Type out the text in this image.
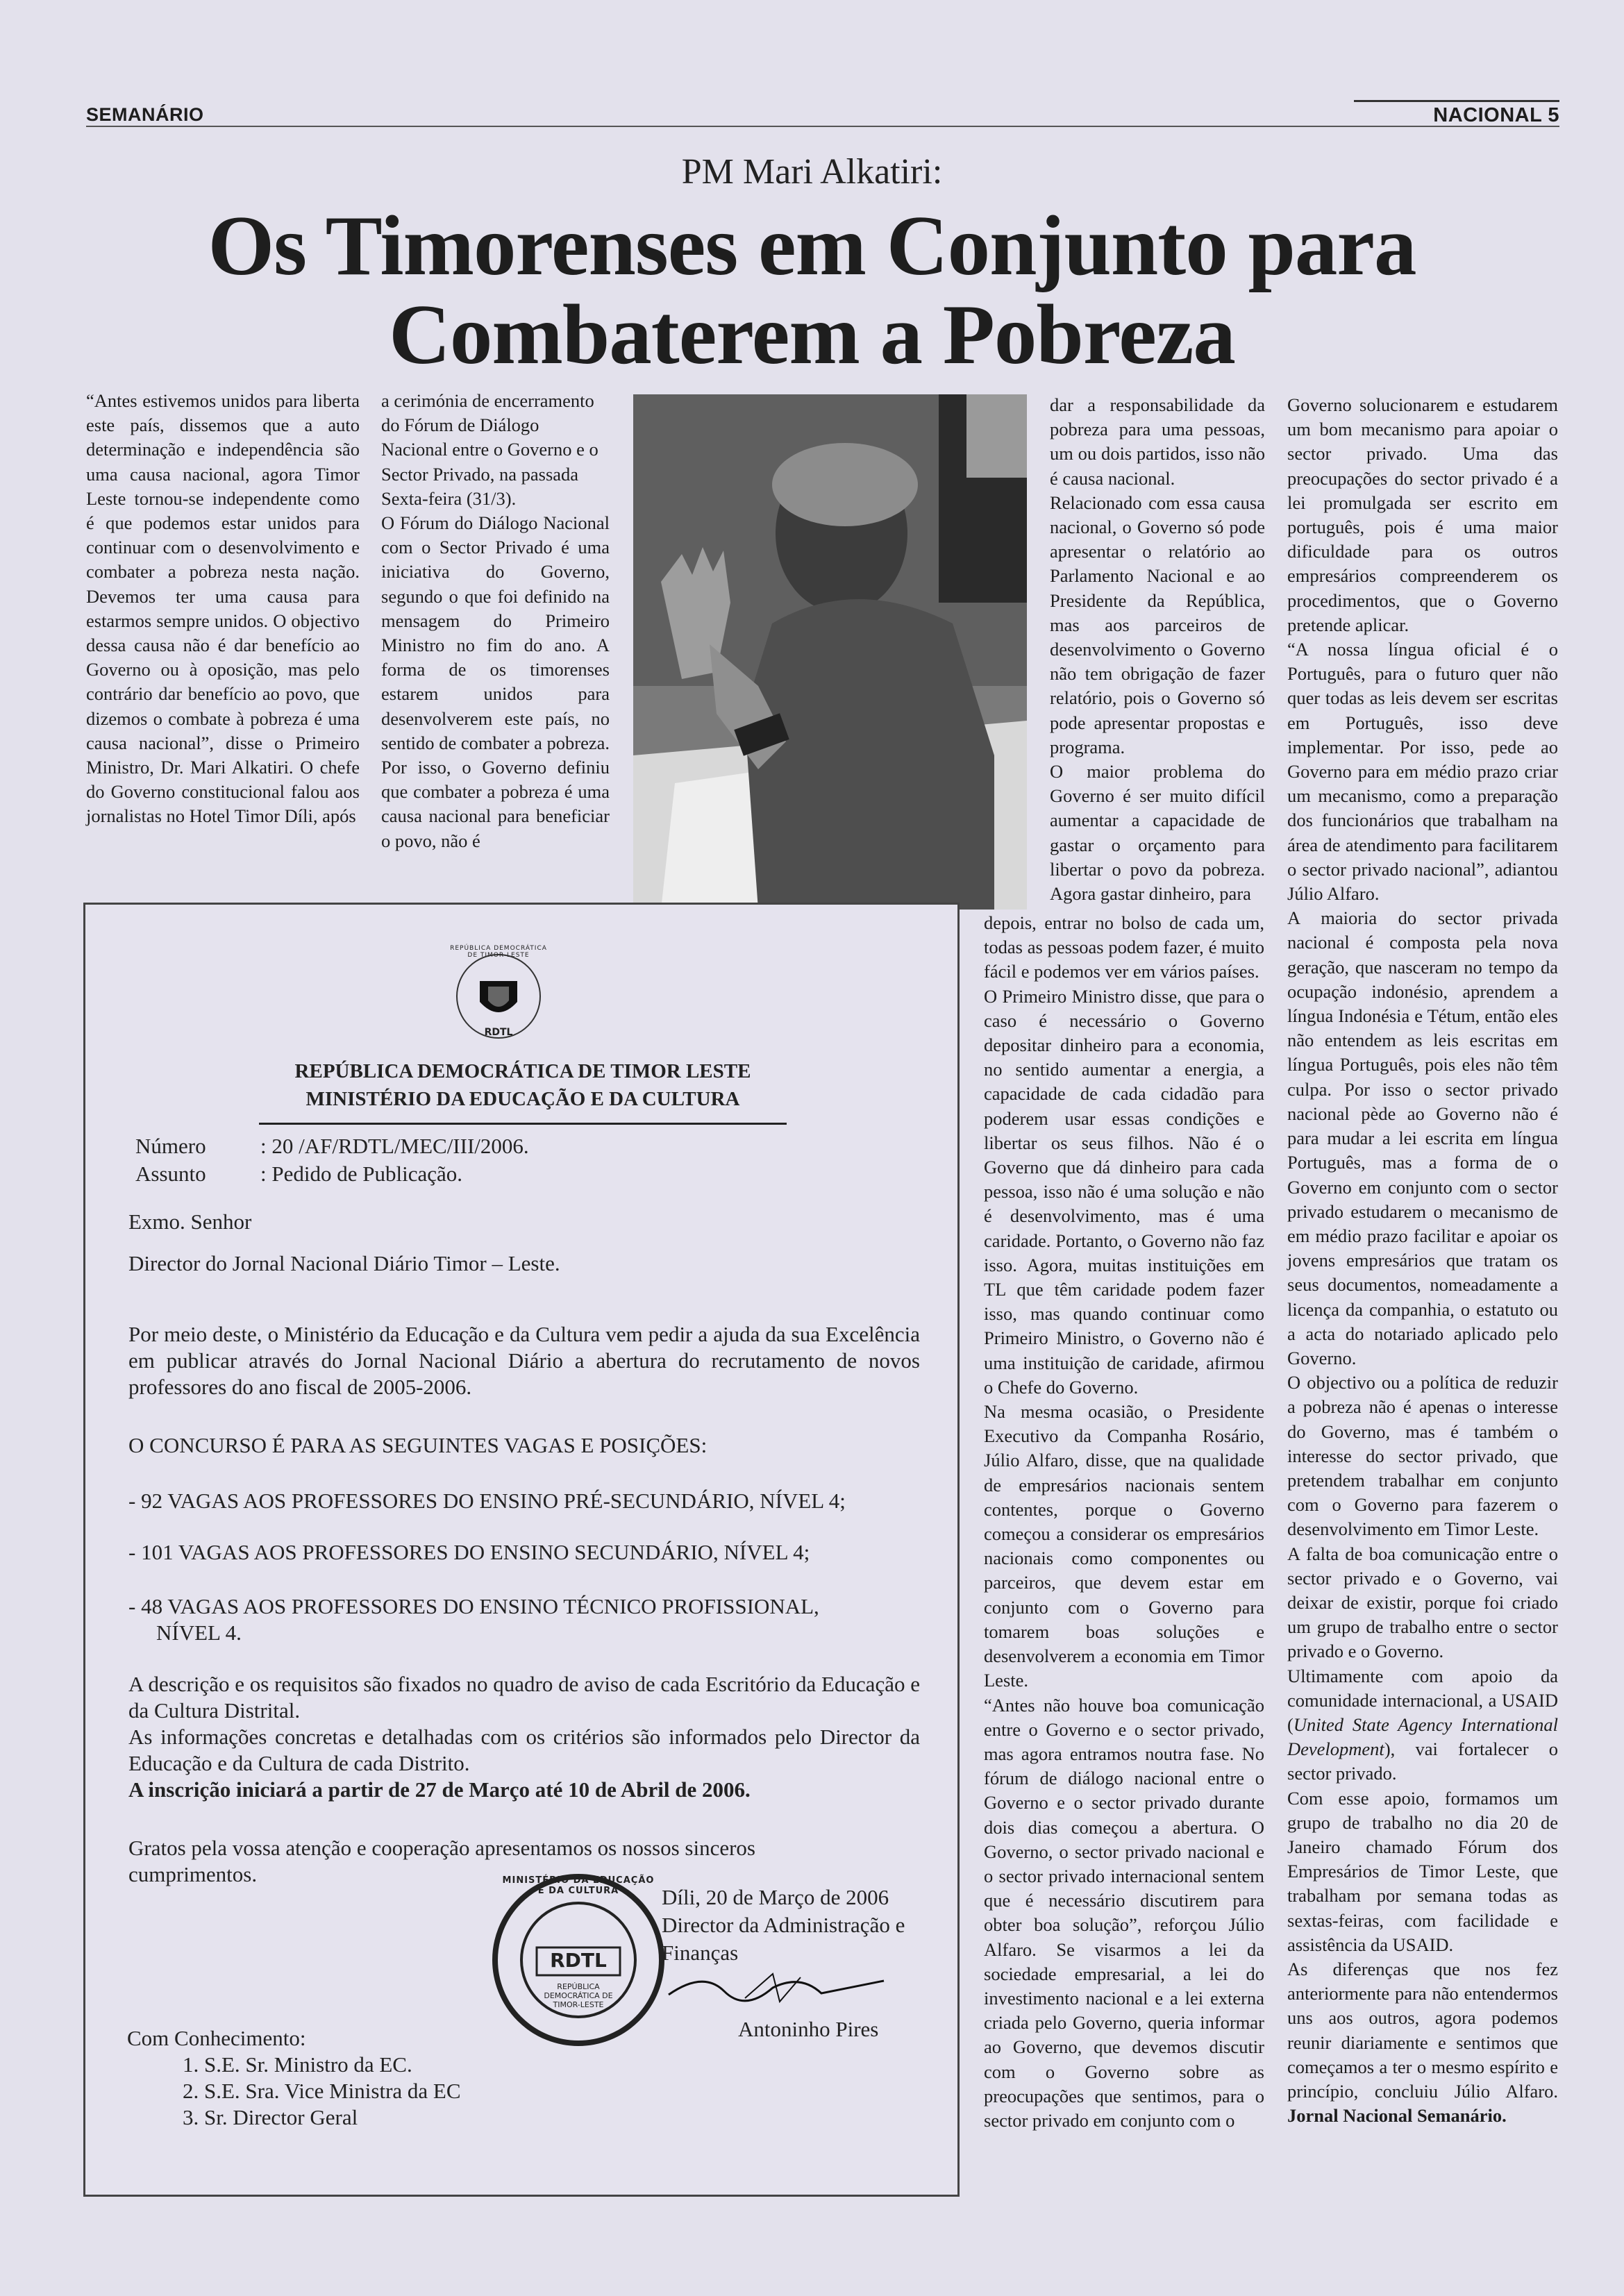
SEMANÁRIO	NACIONAL 5
PM Mari Alkatiri:
Os Timorenses em Conjunto para Combaterem a Pobreza

“Antes estivemos unidos para liberta este país, dissemos que a auto determinação e independência são uma causa nacional, agora Timor Leste tornou-se independente como é que podemos estar unidos para continuar com o desenvolvimento e combater a pobreza nesta nação. Devemos ter uma causa para estarmos sempre unidos. O objectivo dessa causa não é dar benefício ao Governo ou à oposição, mas pelo contrário dar benefício ao povo, que dizemos o combate à pobreza é uma causa nacional”, disse o Primeiro Ministro, Dr. Mari Alkatiri. O chefe do Governo constitucional falou aos jornalistas no Hotel Timor Díli, após

a cerimónia de encerramento do Fórum de Diálogo Nacional entre o Governo e o Sector Privado, na passada Sexta-feira (31/3).

O Fórum do Diálogo Nacional com o Sector Privado é uma iniciativa do Governo, segundo o que foi definido na mensagem do Primeiro Ministro no fim do ano. A forma de os timorenses estarem unidos para desenvolverem este país, no sentido de combater a pobreza. Por isso, o Governo definiu que combater a pobreza é uma causa nacional para beneficiar o povo, não é

dar a responsabilidade da pobreza para uma pessoas, um ou dois partidos, isso não é causa nacional.

Relacionado com essa causa nacional, o Governo só pode apresentar o relatório ao Parlamento Nacional e ao Presidente da República, mas aos parceiros de desenvolvimento o Governo não tem obrigação de fazer relatório, pois o Governo só pode apresentar propostas e programa.

O maior problema do Governo é ser muito difícil aumentar a capacidade de gastar o orçamento para libertar o povo da pobreza. Agora gastar dinheiro, para

depois, entrar no bolso de cada um, todas as pessoas podem fazer, é muito fácil e podemos ver em vários países.

O Primeiro Ministro disse, que para o caso é necessário o Governo depositar dinheiro para a economia, no sentido aumentar a energia, a capacidade de cada cidadão para poderem usar essas condições e libertar os seus filhos. Não é o Governo que dá dinheiro para cada pessoa, isso não é uma solução e não é desenvolvimento, mas é uma caridade. Portanto, o Governo não faz isso. Agora, muitas instituições em TL que têm caridade podem fazer isso, mas quando continuar como Primeiro Ministro, o Governo não é uma instituição de caridade, afirmou o Chefe do Governo.

Na mesma ocasião, o Presidente Executivo da Companha Rosário, Júlio Alfaro, disse, que na qualidade de empresários nacionais sentem contentes, porque o Governo começou a considerar os empresários nacionais como componentes ou parceiros, que devem estar em conjunto com o Governo para tomarem boas soluções e desenvolverem a economia em Timor Leste.

“Antes não houve boa comunicação entre o Governo e o sector privado, mas agora entramos noutra fase. No fórum de diálogo nacional entre o Governo e o sector privado durante dois dias começou a abertura. O Governo, o sector privado nacional e o sector privado internacional sentem que é necessário discutirem para obter boa solução”, reforçou Júlio Alfaro. Se visarmos a lei da sociedade empresarial, a lei do investimento nacional e a lei externa criada pelo Governo, queria informar ao Governo, que devemos discutir com o Governo sobre as preocupações que sentimos, para o sector privado em conjunto com o

Governo solucionarem e estudarem um bom mecanismo para apoiar o sector privado. Uma das preocupações do sector privado é a lei promulgada ser escrito em português, pois é uma maior dificuldade para os outros empresários compreenderem os procedimentos, que o Governo pretende aplicar.

“A nossa língua oficial é o Português, para o futuro quer não quer todas as leis devem ser escritas em Português, isso deve implementar. Por isso, pede ao Governo para em médio prazo criar um mecanismo, como a preparação dos funcionários que trabalham na área de atendimento para facilitarem o sector privado nacional”, adiantou Júlio Alfaro.

A maioria do sector privada nacional é composta pela nova geração, que nasceram no tempo da ocupação indonésio, aprendem a língua Indonésia e Tétum, então eles não entendem as leis escritas em língua Português, pois eles não têm culpa. Por isso o sector privado nacional pède ao Governo não é para mudar a lei escrita em língua Português, mas a forma de o Governo em conjunto com o sector privado estudarem o mecanismo de em médio prazo facilitar e apoiar os jovens empresários que tratam os seus documentos, nomeadamente a licença da companhia, o estatuto ou a acta do notariado aplicado pelo Governo.

O objectivo ou a política de reduzir a pobreza não é apenas o interesse do Governo, mas é também o interesse do sector privado, que pretendem trabalhar em conjunto com o Governo para fazerem o desenvolvimento em Timor Leste.

A falta de boa comunicação entre o sector privado e o Governo, vai deixar de existir, porque foi criado um grupo de trabalho entre o sector privado e o Governo.

Ultimamente com apoio da comunidade internacional, a USAID (United State Agency International Development), vai fortalecer o sector privado.

Com esse apoio, formamos um grupo de trabalho no dia 20 de Janeiro chamado Fórum dos Empresários de Timor Leste, que trabalham por semana todas as sextas-feiras, com facilidade e assistência da USAID.

As diferenças que nos fez anteriormente para não entendermos uns aos outros, agora podemos reunir diariamente e sentimos que começamos a ter o mesmo espírito e princípio, concluiu Júlio Alfaro. Jornal Nacional Semanário.

REPÚBLICA DEMOCRÁTICA DE TIMOR-LESTE
RDTL
REPÚBLICA DEMOCRÁTICA DE TIMOR LESTE
MINISTÉRIO DA EDUCAÇÃO E DA CULTURA
Número	: 20 /AF/RDTL/MEC/III/2006.
Assunto	: Pedido de Publicação.
Exmo. Senhor
Director do Jornal Nacional Diário Timor – Leste.
Por meio deste, o Ministério da Educação e da Cultura vem pedir a ajuda da sua Excelência em publicar através do Jornal Nacional Diário a abertura do recrutamento de novos professores do ano fiscal de 2005-2006.
O CONCURSO É PARA AS SEGUINTES VAGAS E POSIÇÕES:
- 92 VAGAS AOS PROFESSORES DO ENSINO PRÉ-SECUNDÁRIO, NÍVEL 4;
- 101 VAGAS AOS PROFESSORES DO ENSINO SECUNDÁRIO, NÍVEL 4;
- 48 VAGAS AOS PROFESSORES DO ENSINO TÉCNICO PROFISSIONAL,
NÍVEL 4.
A descrição e os requisitos são fixados no quadro de aviso de cada Escritório da Educação e da Cultura Distrital.
As informações concretas e detalhadas com os critérios são informados pelo Director da Educação e da Cultura de cada Distrito.
A inscrição iniciará a partir de 27 de Março até 10 de Abril de 2006.
Gratos pela vossa atenção e cooperação apresentamos os nossos sinceros cumprimentos.	MINISTÉRIO DA EDUCAÇÃO E DA CULTURA
RDTL
REPÚBLICA DEMOCRÁTICA DE TIMOR-LESTE
Díli, 20 de Março de 2006
Director da Administração e Finanças
Antoninho Pires
Com Conhecimento:
1. S.E. Sr. Ministro da EC.
2. S.E. Sra. Vice Ministra da EC
3. Sr. Director Geral
